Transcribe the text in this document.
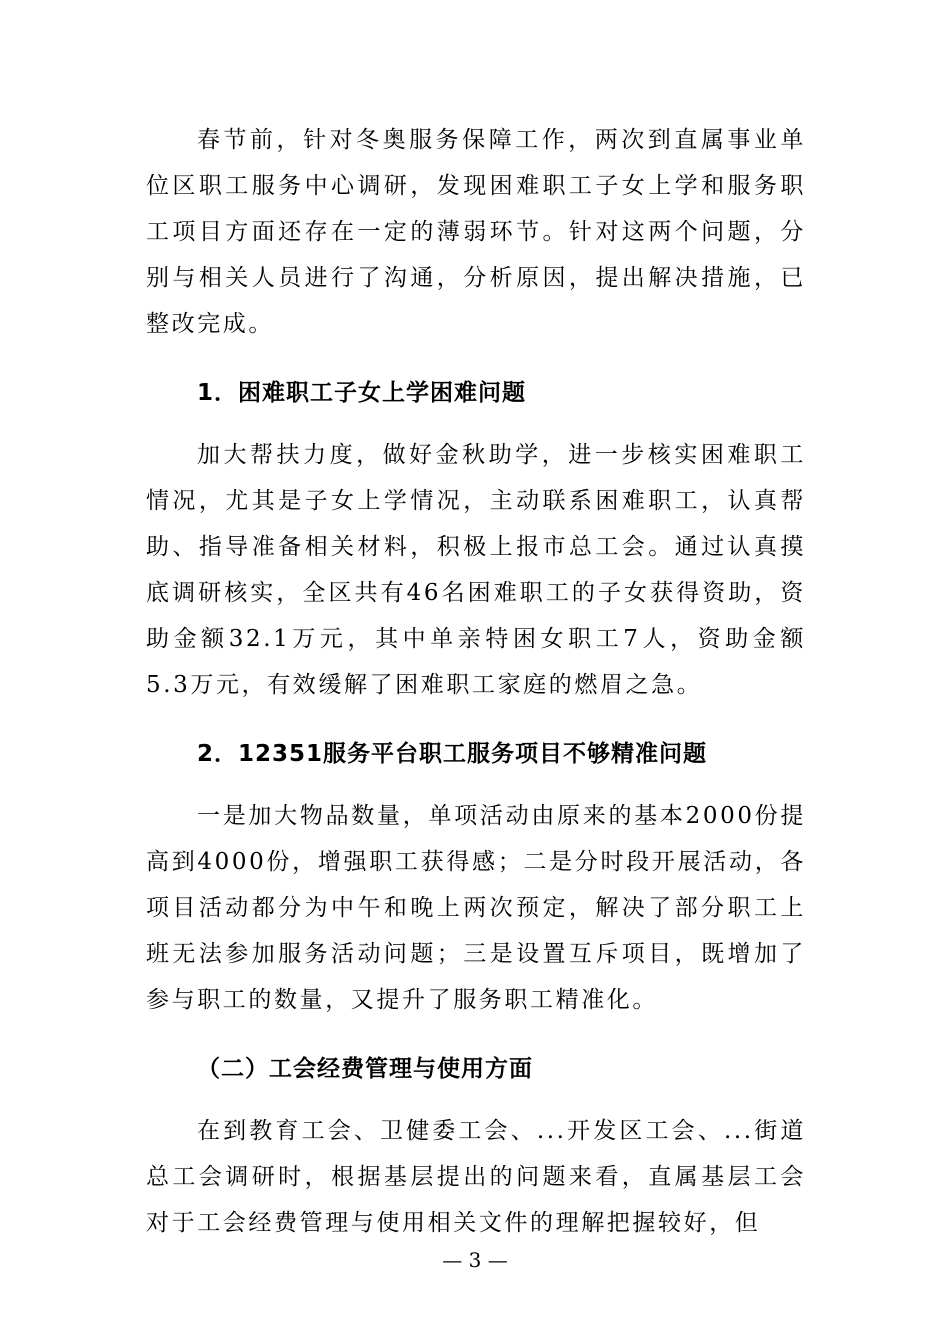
春节前，针对冬奥服务保障工作，两次到直属事业单位区职工服务中心调研，发现困难职工子女上学和服务职工项目方面还存在一定的薄弱环节。针对这两个问题，分别与相关人员进行了沟通，分析原因，提出解决措施，已整改完成。

1．困难职工子女上学困难问题

加大帮扶力度，做好金秋助学，进一步核实困难职工情况，尤其是子女上学情况，主动联系困难职工，认真帮助、指导准备相关材料，积极上报市总工会。通过认真摸底调研核实，全区共有46名困难职工的子女获得资助，资助金额32.1万元，其中单亲特困女职工7人，资助金额5.3万元，有效缓解了困难职工家庭的燃眉之急。

2．12351服务平台职工服务项目不够精准问题

一是加大物品数量，单项活动由原来的基本2000份提高到4000份，增强职工获得感；二是分时段开展活动，各项目活动都分为中午和晚上两次预定，解决了部分职工上班无法参加服务活动问题；三是设置互斥项目，既增加了参与职工的数量，又提升了服务职工精准化。

（二）工会经费管理与使用方面

在到教育工会、卫健委工会、...开发区工会、...街道总工会调研时，根据基层提出的问题来看，直属基层工会对于工会经费管理与使用相关文件的理解把握较好，但

— 3 —
